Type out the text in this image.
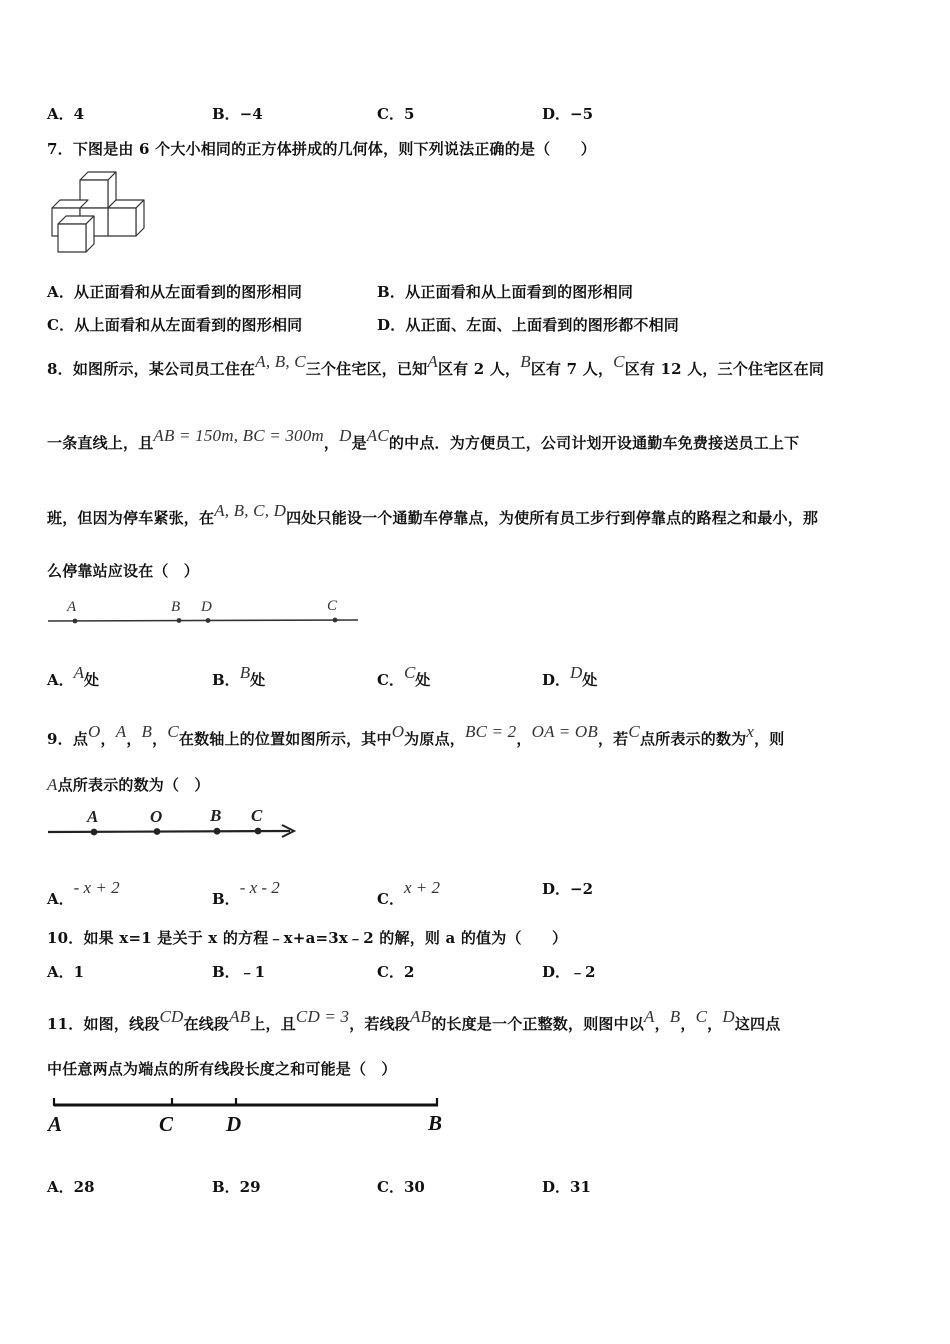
A．4	B．−4	C．5	D．−5
7．下图是由 6 个大小相同的正方体拼成的几何体，则下列说法正确的是（　　）
A．从正面看和从左面看到的图形相同	B．从正面看和从上面看到的图形相同
C．从上面看和从左面看到的图形相同	D．从正面、左面、上面看到的图形都不相同
8．如图所示，某公司员工住在A, B, C三个住宅区，已知A区有 2 人，B区有 7 人，C区有 12 人，三个住宅区在同
一条直线上，且AB = 150m, BC = 300m，D是AC的中点．为方便员工，公司计划开设通勤车免费接送员工上下
班，但因为停车紧张，在A, B, C, D四处只能设一个通勤车停靠点，为使所有员工步行到停靠点的路程之和最小，那
么停靠站应设在（　）
A	B D	C
A．A处	B．B处	C．C处	D．D处
9．点O，A，B，C在数轴上的位置如图所示，其中O为原点，BC = 2，OA = OB，若C点所表示的数为x，则
A点所表示的数为（　）
A	O	B C
A．- x + 2
B．- x - 2
C．x + 2	D．−2
10．如果 x=1 是关于 x 的方程﹣x+a=3x﹣2 的解，则 a 的值为（　　）
A．1	B．﹣1	C．2	D．﹣2
11．如图，线段CD在线段AB上，且CD = 3，若线段AB的长度是一个正整数，则图中以A，B，C，D这四点
中任意两点为端点的所有线段长度之和可能是（　）
A	C	D	B
A．28	B．29	C．30	D．31
